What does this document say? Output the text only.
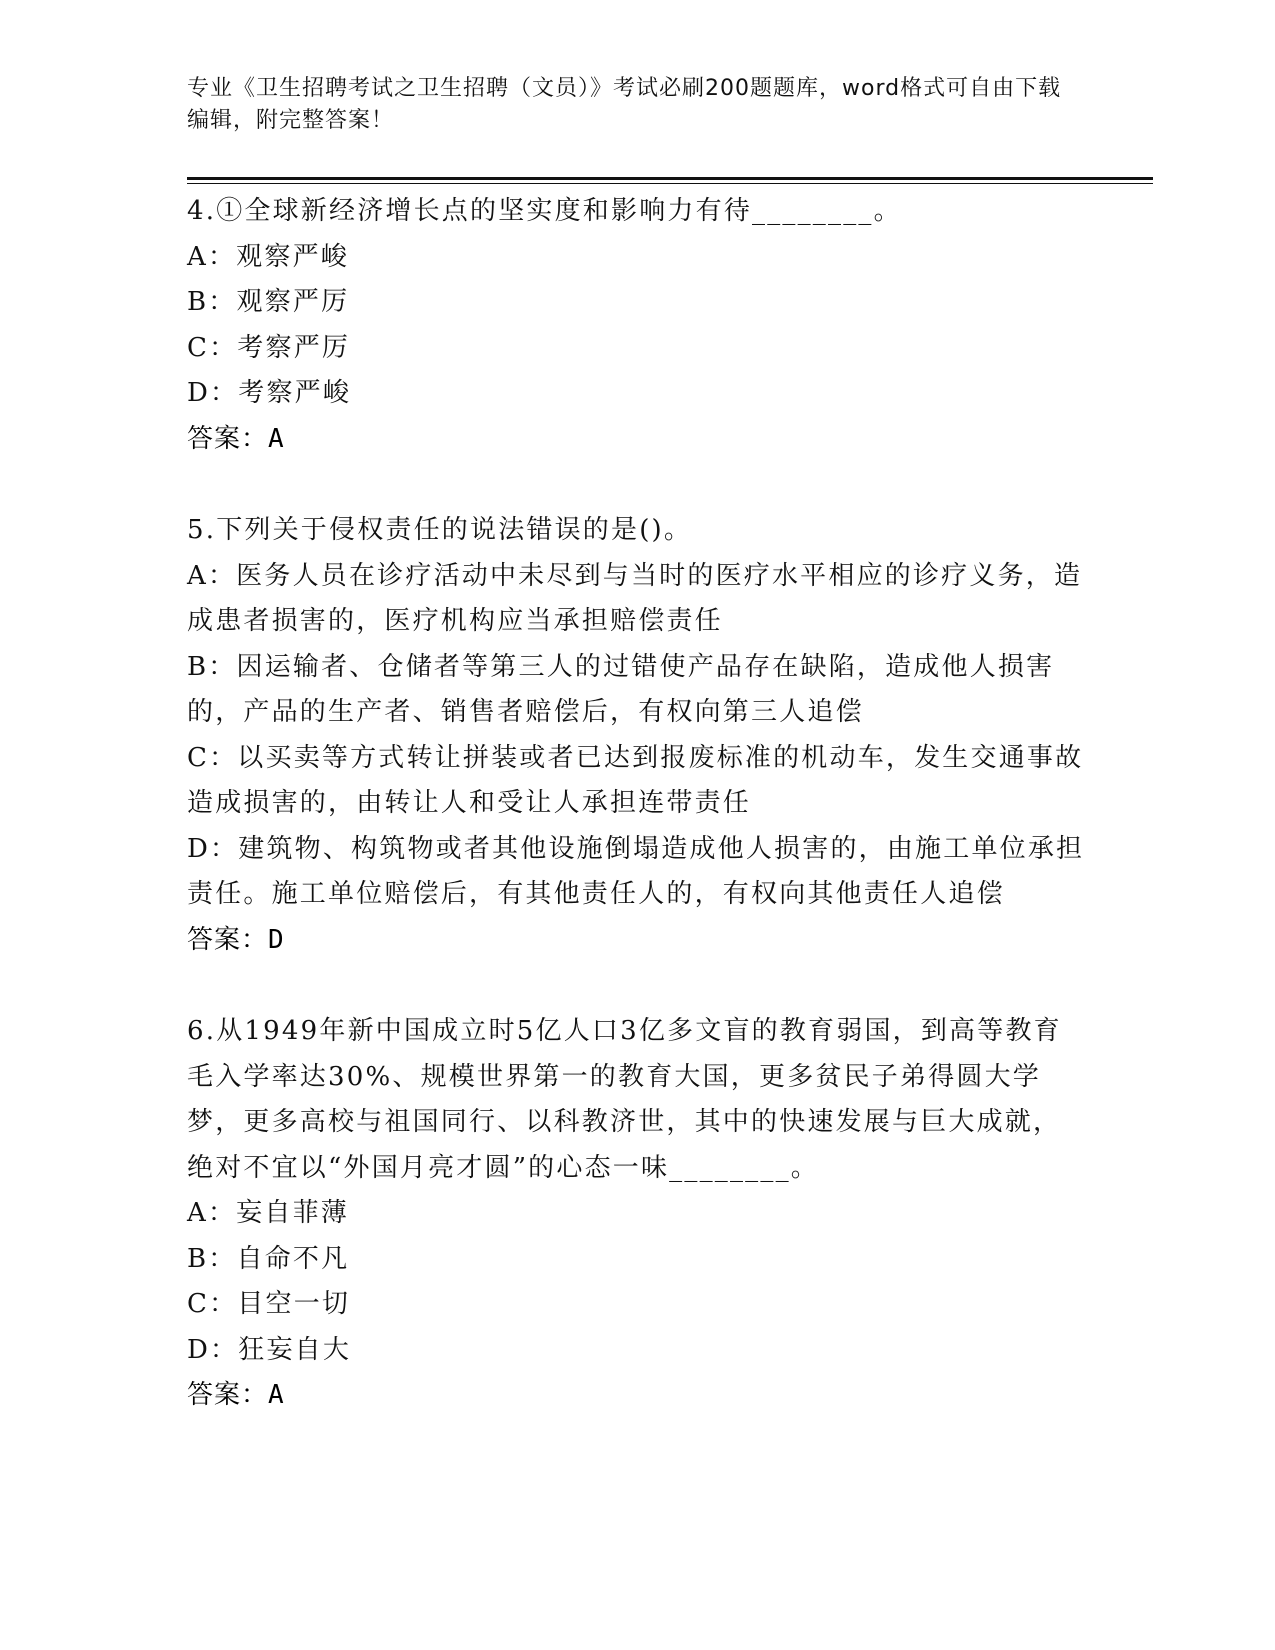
专业《卫生招聘考试之卫生招聘（文员）》考试必刷200题题库，word格式可自由下载编辑，附完整答案！
4.①全球新经济增长点的坚实度和影响力有待________。
A：观察严峻
B：观察严厉
C：考察严厉
D：考察严峻
答案：A
5.下列关于侵权责任的说法错误的是()。
A：医务人员在诊疗活动中未尽到与当时的医疗水平相应的诊疗义务，造成患者损害的，医疗机构应当承担赔偿责任
B：因运输者、仓储者等第三人的过错使产品存在缺陷，造成他人损害的，产品的生产者、销售者赔偿后，有权向第三人追偿
C：以买卖等方式转让拼装或者已达到报废标准的机动车，发生交通事故造成损害的，由转让人和受让人承担连带责任
D：建筑物、构筑物或者其他设施倒塌造成他人损害的，由施工单位承担责任。施工单位赔偿后，有其他责任人的，有权向其他责任人追偿
答案：D
6.从1949年新中国成立时5亿人口3亿多文盲的教育弱国，到高等教育毛入学率达30%、规模世界第一的教育大国，更多贫民子弟得圆大学梦，更多高校与祖国同行、以科教济世，其中的快速发展与巨大成就，绝对不宜以“外国月亮才圆”的心态一味________。
A：妄自菲薄
B：自命不凡
C：目空一切
D：狂妄自大
答案：A
